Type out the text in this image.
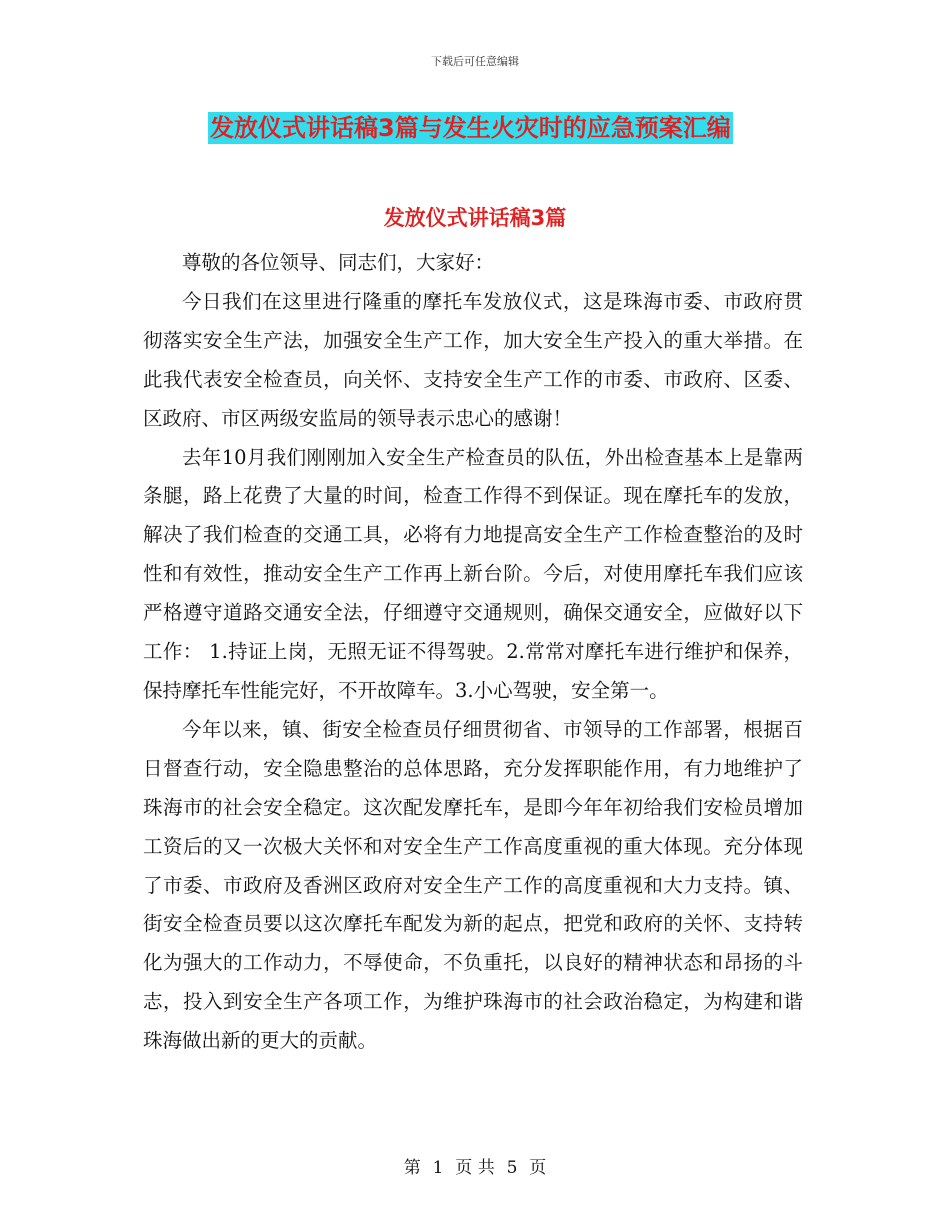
下载后可任意编辑
发放仪式讲话稿3篇与发生火灾时的应急预案汇编
发放仪式讲话稿3篇

尊敬的各位领导、同志们，大家好：

今日我们在这里进行隆重的摩托车发放仪式，这是珠海市委、市政府贯彻落实安全生产法，加强安全生产工作，加大安全生产投入的重大举措。在此我代表安全检查员，向关怀、支持安全生产工作的市委、市政府、区委、区政府、市区两级安监局的领导表示忠心的感谢！

去年10月我们刚刚加入安全生产检查员的队伍，外出检查基本上是靠两条腿，路上花费了大量的时间，检查工作得不到保证。现在摩托车的发放，解决了我们检查的交通工具，必将有力地提高安全生产工作检查整治的及时性和有效性，推动安全生产工作再上新台阶。今后，对使用摩托车我们应该严格遵守道路交通安全法，仔细遵守交通规则，确保交通安全，应做好以下工作： 1.持证上岗，无照无证不得驾驶。2.常常对摩托车进行维护和保养，保持摩托车性能完好，不开故障车。3.小心驾驶，安全第一。

今年以来，镇、街安全检查员仔细贯彻省、市领导的工作部署，根据百日督查行动，安全隐患整治的总体思路，充分发挥职能作用，有力地维护了珠海市的社会安全稳定。这次配发摩托车，是即今年年初给我们安检员增加工资后的又一次极大关怀和对安全生产工作高度重视的重大体现。充分体现了市委、市政府及香洲区政府对安全生产工作的高度重视和大力支持。镇、街安全检查员要以这次摩托车配发为新的起点，把党和政府的关怀、支持转化为强大的工作动力，不辱使命，不负重托，以良好的精神状态和昂扬的斗志，投入到安全生产各项工作，为维护珠海市的社会政治稳定，为构建和谐珠海做出新的更大的贡献。

第 1 页 共 5 页
